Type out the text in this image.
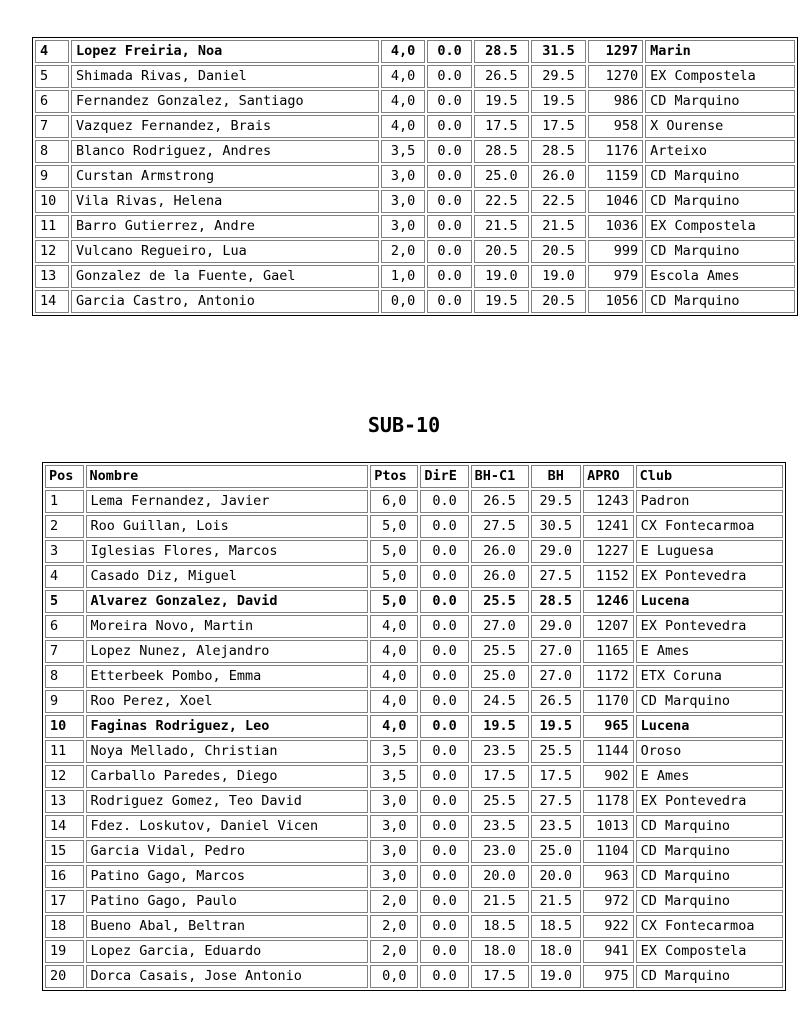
4	Lopez Freiria, Noa	4,0	0.0	28.5	31.5	1297	Marin
5	Shimada Rivas, Daniel	4,0	0.0	26.5	29.5	1270	EX Compostela
6	Fernandez Gonzalez, Santiago	4,0	0.0	19.5	19.5	986	CD Marquino
7	Vazquez Fernandez, Brais	4,0	0.0	17.5	17.5	958	X Ourense
8	Blanco Rodriguez, Andres	3,5	0.0	28.5	28.5	1176	Arteixo
9	Curstan Armstrong	3,0	0.0	25.0	26.0	1159	CD Marquino
10	Vila Rivas, Helena	3,0	0.0	22.5	22.5	1046	CD Marquino
11	Barro Gutierrez, Andre	3,0	0.0	21.5	21.5	1036	EX Compostela
12	Vulcano Regueiro, Lua	2,0	0.0	20.5	20.5	999	CD Marquino
13	Gonzalez de la Fuente, Gael	1,0	0.0	19.0	19.0	979	Escola Ames
14	Garcia Castro, Antonio	0,0	0.0	19.5	20.5	1056	CD Marquino
SUB-10
Pos	Nombre	Ptos	DirE	BH-C1	BH	APRO	Club
1	Lema Fernandez, Javier	6,0	0.0	26.5	29.5	1243	Padron
2	Roo Guillan, Lois	5,0	0.0	27.5	30.5	1241	CX Fontecarmoa
3	Iglesias Flores, Marcos	5,0	0.0	26.0	29.0	1227	E Luguesa
4	Casado Diz, Miguel	5,0	0.0	26.0	27.5	1152	EX Pontevedra
5	Alvarez Gonzalez, David	5,0	0.0	25.5	28.5	1246	Lucena
6	Moreira Novo, Martin	4,0	0.0	27.0	29.0	1207	EX Pontevedra
7	Lopez Nunez, Alejandro	4,0	0.0	25.5	27.0	1165	E Ames
8	Etterbeek Pombo, Emma	4,0	0.0	25.0	27.0	1172	ETX Coruna
9	Roo Perez, Xoel	4,0	0.0	24.5	26.5	1170	CD Marquino
10	Faginas Rodriguez, Leo	4,0	0.0	19.5	19.5	965	Lucena
11	Noya Mellado, Christian	3,5	0.0	23.5	25.5	1144	Oroso
12	Carballo Paredes, Diego	3,5	0.0	17.5	17.5	902	E Ames
13	Rodriguez Gomez, Teo David	3,0	0.0	25.5	27.5	1178	EX Pontevedra
14	Fdez. Loskutov, Daniel Vicen	3,0	0.0	23.5	23.5	1013	CD Marquino
15	Garcia Vidal, Pedro	3,0	0.0	23.0	25.0	1104	CD Marquino
16	Patino Gago, Marcos	3,0	0.0	20.0	20.0	963	CD Marquino
17	Patino Gago, Paulo	2,0	0.0	21.5	21.5	972	CD Marquino
18	Bueno Abal, Beltran	2,0	0.0	18.5	18.5	922	CX Fontecarmoa
19	Lopez Garcia, Eduardo	2,0	0.0	18.0	18.0	941	EX Compostela
20	Dorca Casais, Jose Antonio	0,0	0.0	17.5	19.0	975	CD Marquino
